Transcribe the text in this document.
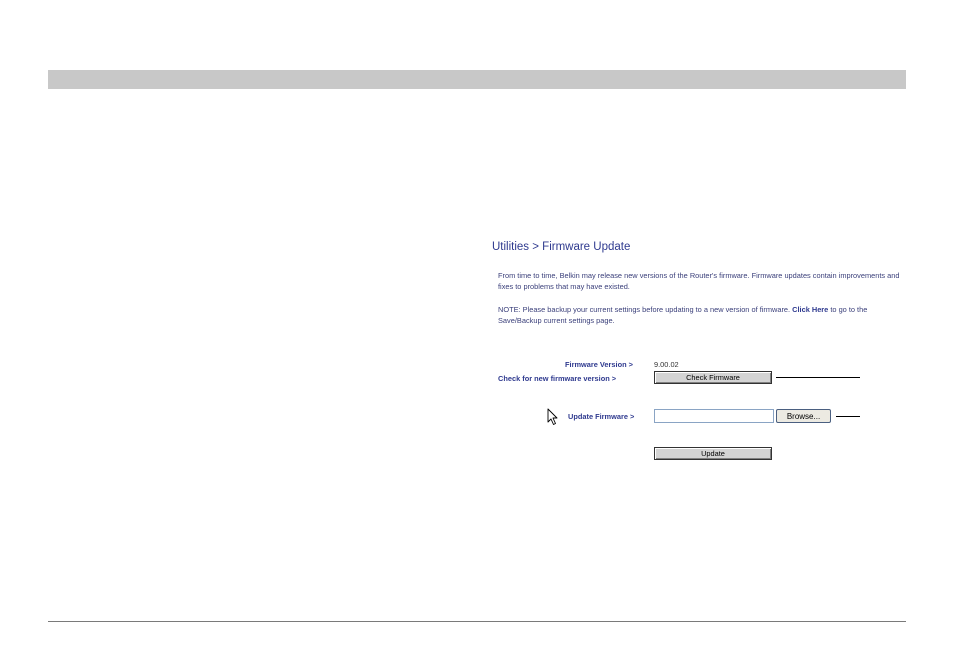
Utilities > Firmware Update
From time to time, Belkin may release new versions of the Router's firmware. Firmware updates contain improvements and fixes to problems that may have existed.
NOTE: Please backup your current settings before updating to a new version of firmware. Click Here to go to the Save/Backup current settings page.
Firmware Version >	9.00.02
Check for new firmware version >	Check Firmware
Update Firmware >	Browse...
Update
